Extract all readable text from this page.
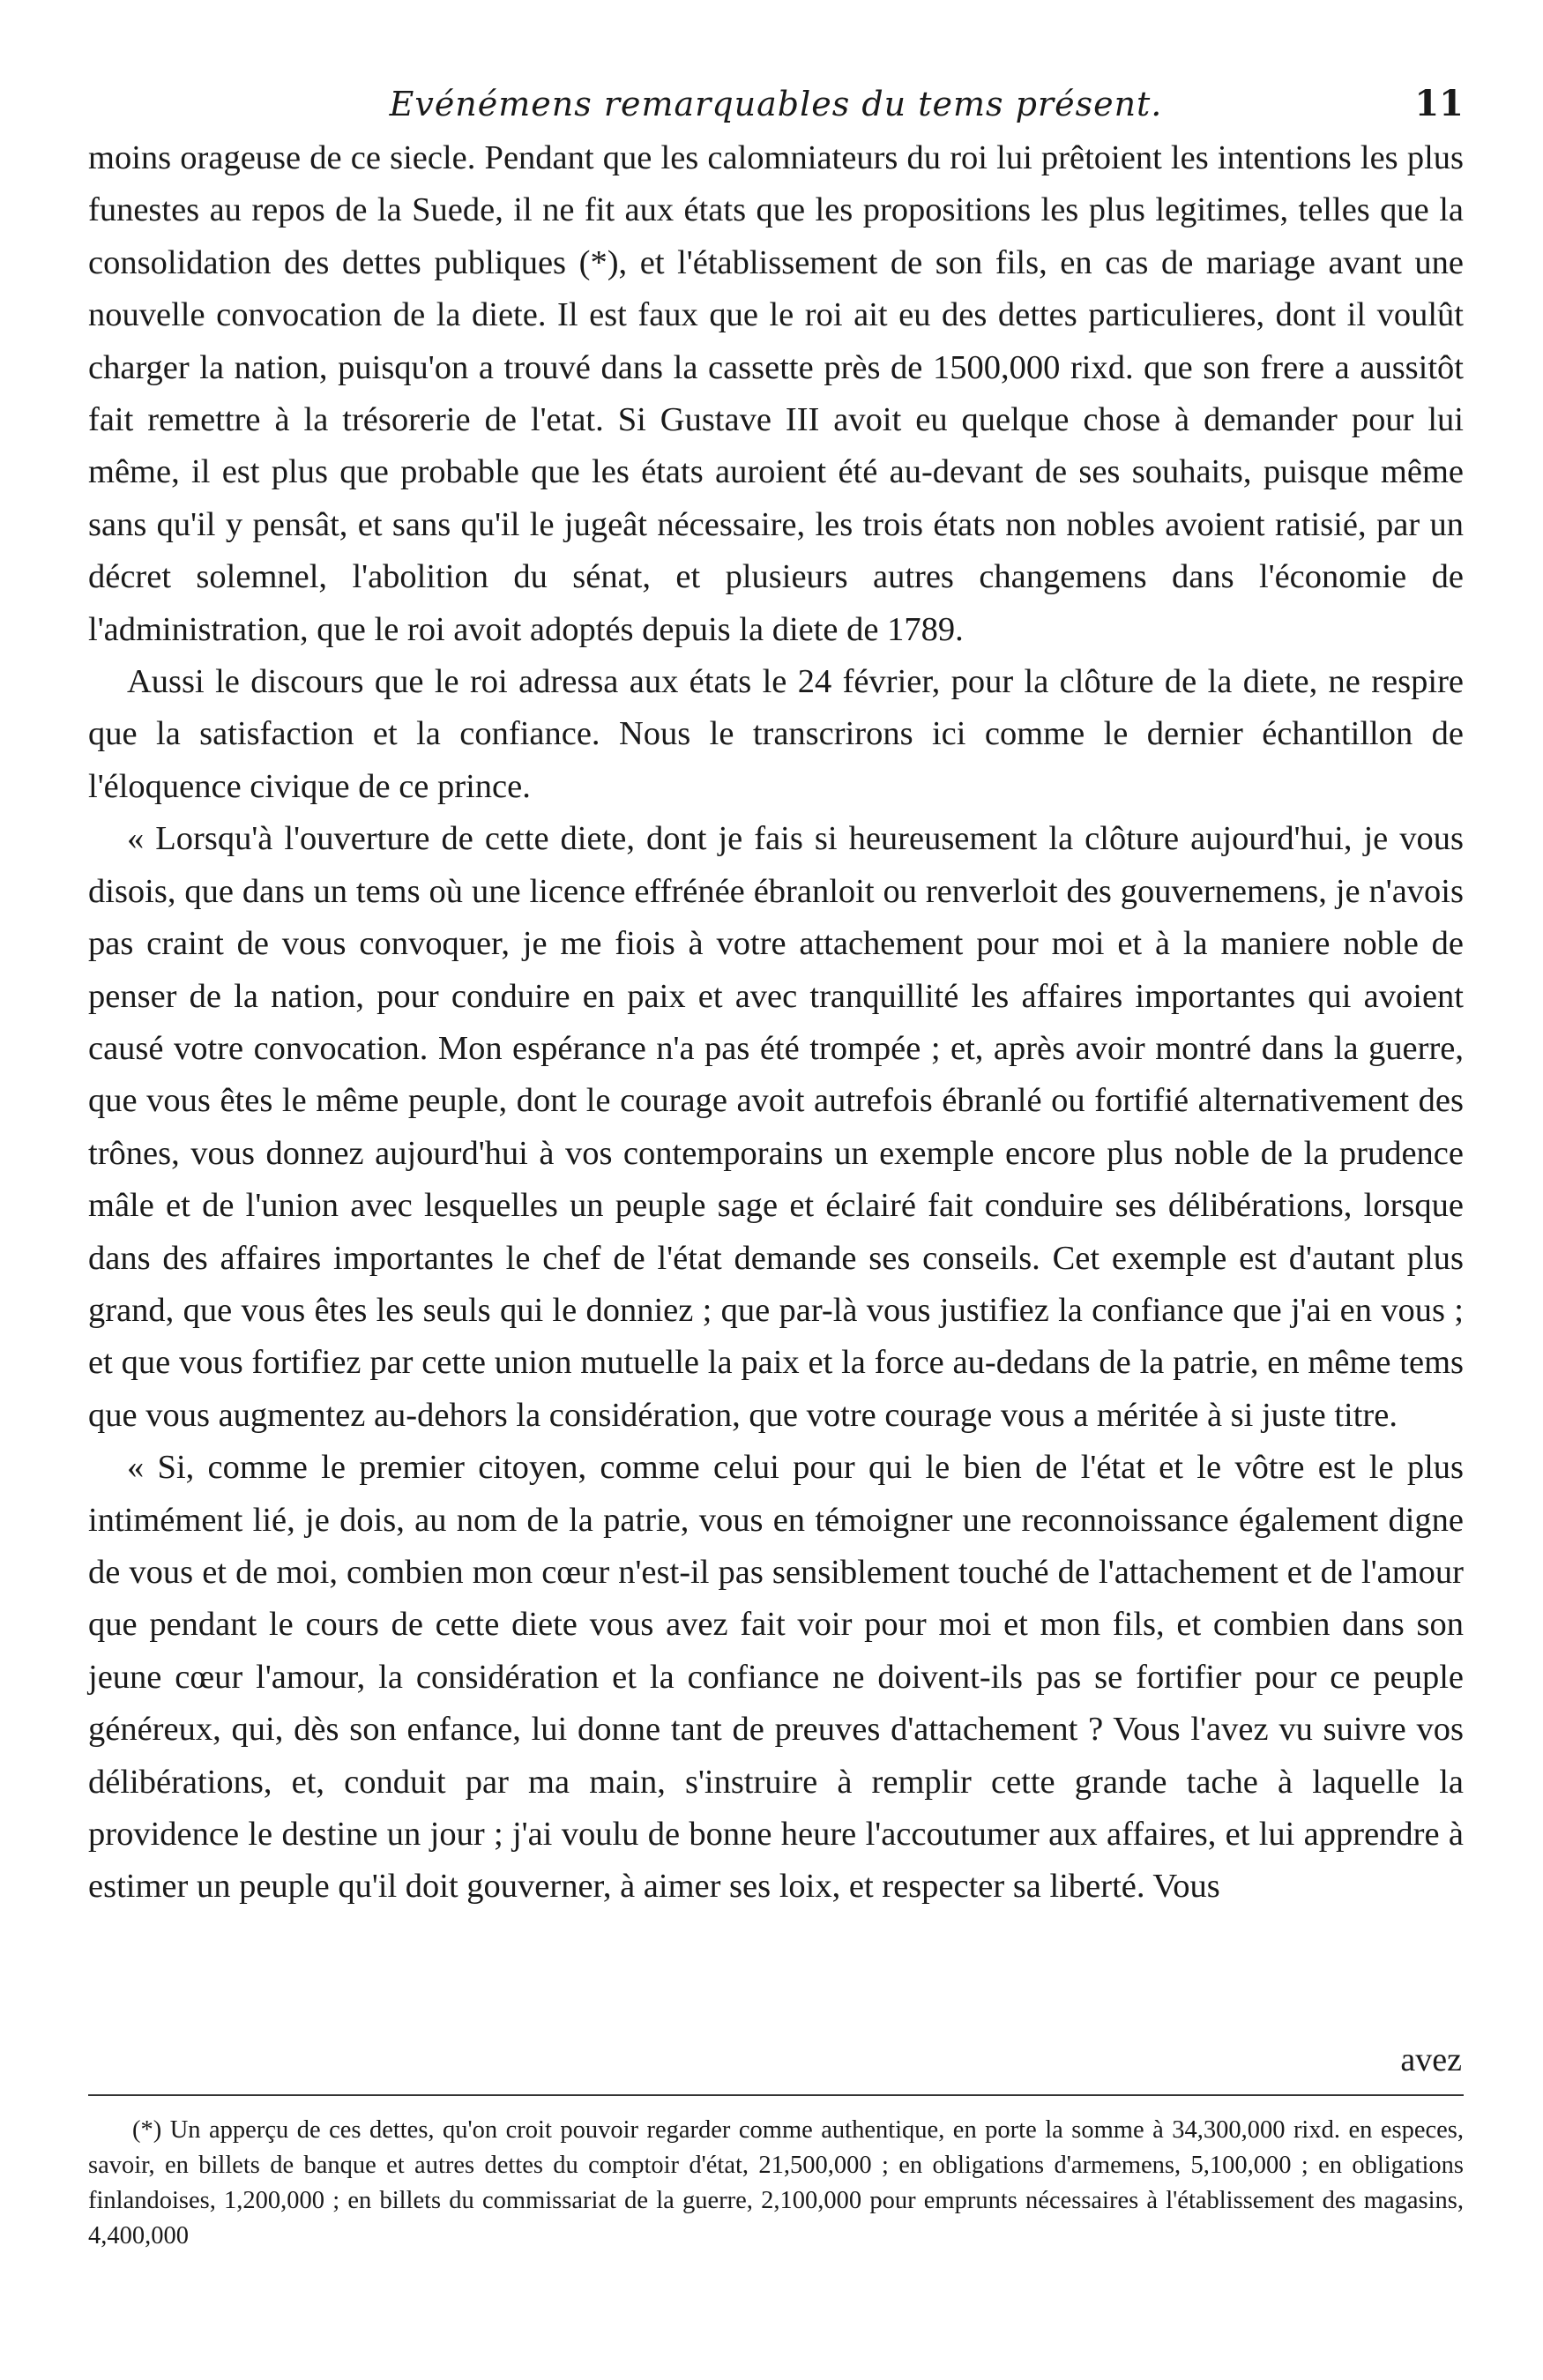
Evénémens remarquables du tems présent.	11

moins orageuse de ce siecle. Pendant que les calomniateurs du roi lui prêtoient les intentions les plus funestes au repos de la Suede, il ne fit aux états que les propositions les plus legitimes, telles que la consolidation des dettes publiques (*), et l'établissement de son fils, en cas de mariage avant une nouvelle convocation de la diete. Il est faux que le roi ait eu des dettes particulieres, dont il voulût charger la nation, puisqu'on a trouvé dans la cassette près de 1500,000 rixd. que son frere a aussitôt fait remettre à la trésorerie de l'etat. Si Gustave III avoit eu quelque chose à demander pour lui même, il est plus que probable que les états auroient été au-devant de ses souhaits, puisque même sans qu'il y pensât, et sans qu'il le jugeât nécessaire, les trois états non nobles avoient ratisié, par un décret solemnel, l'abolition du sénat, et plusieurs autres changemens dans l'économie de l'administration, que le roi avoit adoptés depuis la diete de 1789.

Aussi le discours que le roi adressa aux états le 24 février, pour la clôture de la diete, ne respire que la satisfaction et la confiance. Nous le transcrirons ici comme le dernier échantillon de l'éloquence civique de ce prince.

« Lorsqu'à l'ouverture de cette diete, dont je fais si heureusement la clôture aujourd'hui, je vous disois, que dans un tems où une licence effrénée ébranloit ou renverloit des gouvernemens, je n'avois pas craint de vous convoquer, je me fiois à votre attachement pour moi et à la maniere noble de penser de la nation, pour conduire en paix et avec tranquillité les affaires importantes qui avoient causé votre convocation. Mon espérance n'a pas été trompée ; et, après avoir montré dans la guerre, que vous êtes le même peuple, dont le courage avoit autrefois ébranlé ou fortifié alternativement des trônes, vous donnez aujourd'hui à vos contemporains un exemple encore plus noble de la prudence mâle et de l'union avec lesquelles un peuple sage et éclairé fait conduire ses délibérations, lorsque dans des affaires importantes le chef de l'état demande ses conseils. Cet exemple est d'autant plus grand, que vous êtes les seuls qui le donniez ; que par-là vous justifiez la confiance que j'ai en vous ; et que vous fortifiez par cette union mutuelle la paix et la force au-dedans de la patrie, en même tems que vous augmentez au-dehors la considération, que votre courage vous a méritée à si juste titre.

« Si, comme le premier citoyen, comme celui pour qui le bien de l'état et le vôtre est le plus intimément lié, je dois, au nom de la patrie, vous en témoigner une reconnoissance également digne de vous et de moi, combien mon cœur n'est-il pas sensiblement touché de l'attachement et de l'amour que pendant le cours de cette diete vous avez fait voir pour moi et mon fils, et combien dans son jeune cœur l'amour, la considération et la confiance ne doivent-ils pas se fortifier pour ce peuple généreux, qui, dès son enfance, lui donne tant de preuves d'attachement ? Vous l'avez vu suivre vos délibérations, et, conduit par ma main, s'instruire à remplir cette grande tache à laquelle la providence le destine un jour ; j'ai voulu de bonne heure l'accoutumer aux affaires, et lui apprendre à estimer un peuple qu'il doit gouverner, à aimer ses loix, et respecter sa liberté. Vous

avez

(*) Un apperçu de ces dettes, qu'on croit pouvoir regarder comme authentique, en porte la somme à 34,300,000 rixd. en especes, savoir, en billets de banque et autres dettes du comptoir d'état, 21,500,000 ; en obligations d'armemens, 5,100,000 ; en obligations finlandoises, 1,200,000 ; en billets du commissariat de la guerre, 2,100,000 pour emprunts nécessaires à l'établissement des magasins, 4,400,000
